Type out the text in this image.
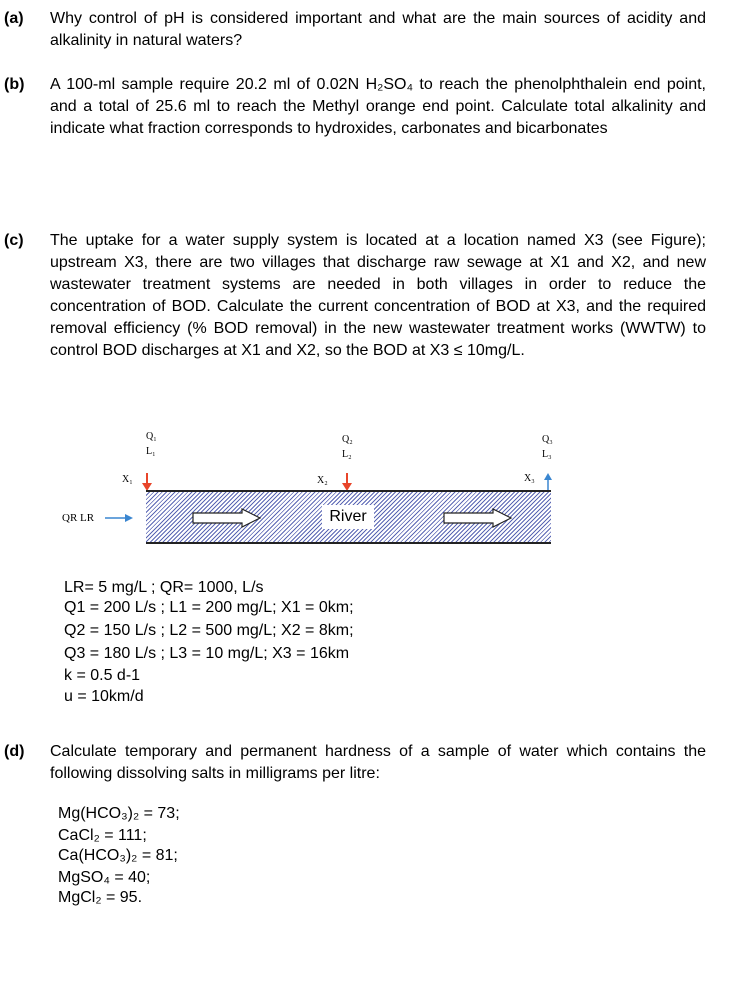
(a) Why control of pH is considered important and what are the main sources of acidity and alkalinity in natural waters?
(b) A 100-ml sample require 20.2 ml of 0.02N H₂SO₄ to reach the phenolphthalein end point, and a total of 25.6 ml to reach the Methyl orange end point. Calculate total alkalinity and indicate what fraction corresponds to hydroxides, carbonates and bicarbonates
(c) The uptake for a water supply system is located at a location named X3 (see Figure); upstream X3, there are two villages that discharge raw sewage at X1 and X2, and new wastewater treatment systems are needed in both villages in order to reduce the concentration of BOD. Calculate the current concentration of BOD at X3, and the required removal efficiency (% BOD removal) in the new wastewater treatment works (WWTW) to control BOD discharges at X1 and X2, so the BOD at X3 ≤ 10mg/L.
Q₁
L₁
X₁
Q₂
L₂
X₂
Q₃
L₃
X₃
QR LR	River
LR= 5 mg/L ; QR= 1000, L/s
Q1 = 200 L/s ; L1 = 200 mg/L; X1 = 0km;
Q2 = 150 L/s ; L2 = 500 mg/L; X2 = 8km;
Q3 = 180 L/s ; L3 = 10 mg/L; X3 = 16km
k = 0.5 d-1
u = 10km/d
(d) Calculate temporary and permanent hardness of a sample of water which contains the following dissolving salts in milligrams per litre:
Mg(HCO₃)₂ = 73;
CaCl₂ = 111;
Ca(HCO₃)₂ = 81;
MgSO₄ = 40;
MgCl₂ = 95.
